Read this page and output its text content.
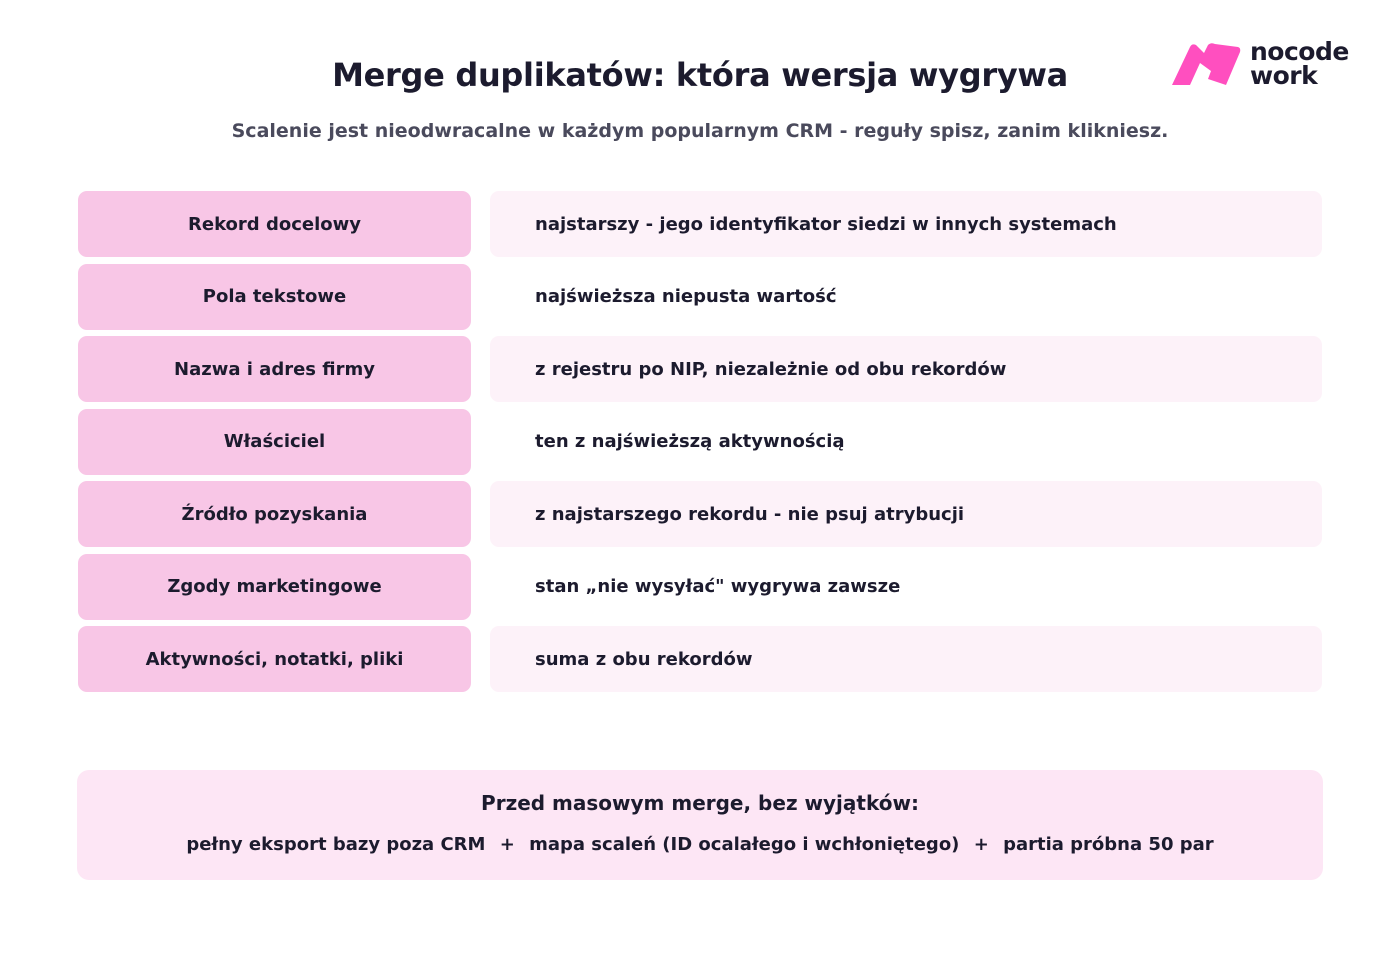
Merge duplikatów: która wersja wygrywa
Scalenie jest nieodwracalne w każdym popularnym CRM - reguły spisz, zanim klikniesz.
nocode
work
Rekord docelowy	najstarszy - jego identyfikator siedzi w innych systemach
Pola tekstowe	najświeższa niepusta wartość
Nazwa i adres firmy	z rejestru po NIP, niezależnie od obu rekordów
Właściciel	ten z najświeższą aktywnością
Źródło pozyskania	z najstarszego rekordu - nie psuj atrybucji
Zgody marketingowe	stan „nie wysyłać" wygrywa zawsze
Aktywności, notatki, pliki	suma z obu rekordów
Przed masowym merge, bez wyjątków:
pełny eksport bazy poza CRM + mapa scaleń (ID ocalałego i wchłoniętego) + partia próbna 50 par
